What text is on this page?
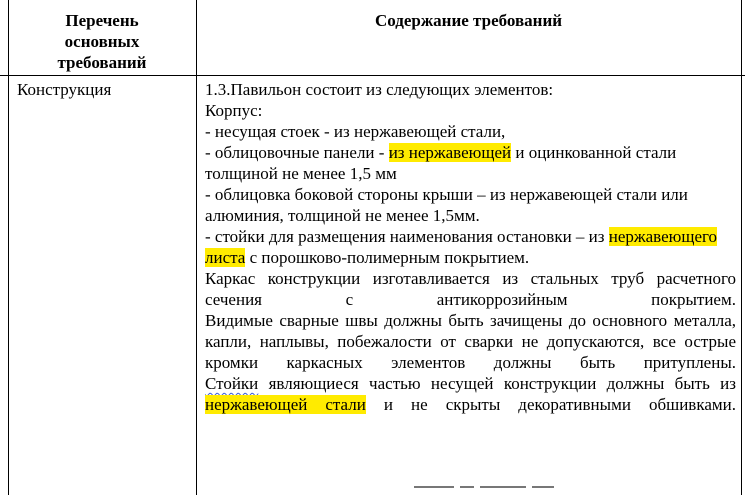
Перечень
основных
требований
Содержание требований
Конструкция	1.3.Павильон состоит из следующих элементов:

Корпус:

- несущая стоек - из нержавеющей стали,

- облицовочные панели - из нержавеющей и оцинкованной стали толщиной не менее 1,5 мм

- облицовка боковой стороны крыши – из нержавеющей стали или алюминия, толщиной не менее 1,5мм.

- стойки для размещения наименования остановки – из нержавеющего листа с порошково-полимерным покрытием.

Каркас конструкции изготавливается из стальных труб расчетного сечения с антикоррозийным покрытием.

Видимые сварные швы должны быть зачищены до основного металла, капли, наплывы, побежалости от сварки не допускаются, все острые кромки каркасных элементов должны быть притуплены.

Стойки являющиеся частью несущей конструкции должны быть из нержавеющей стали и не скрыты декоративными обшивками.
